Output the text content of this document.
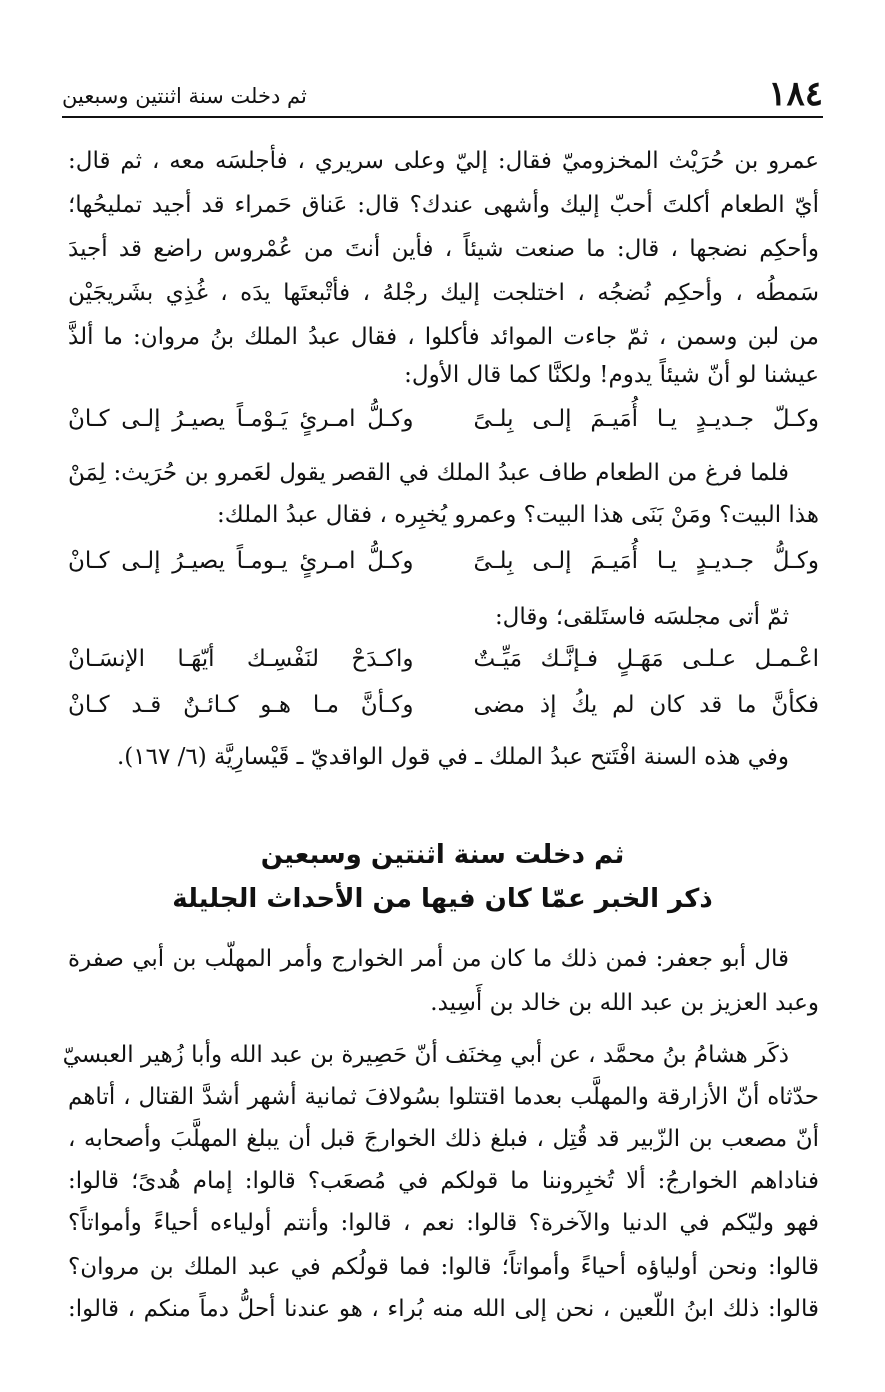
١٨٤
ثم دخلت سنة اثنتين وسبعين
عمرو بن حُرَيْث المخزوميّ فقال: إليّ وعلى سريري ، فأجلسَه معه ، ثم قال:
أيّ الطعام أكلتَ أحبّ إليك وأشهى عندك؟ قال: عَناق حَمراء قد أجيد تمليحُها؛
وأحكِم نضجها ، قال: ما صنعت شيئاً ، فأين أنتَ من عُمْروس راضع قد أجيدَ
سَمطُه ، وأحكِم نُضجُه ، اختلجت إليك رجْلهُ ، فأتْبعتَها يدَه ، غُذِي بشَريجَيْن
من لبن وسمن ، ثمّ جاءت الموائد فأكلوا ، فقال عبدُ الملك بنُ مروان: ما ألذَّ
عيشنا لو أنّ شيئاً يدوم! ولكنَّا كما قال الأول:
وكـلّ جـديـدٍ يـا أُمَيـمَ إلـى بِلـىً
وكـلُّ امـرئٍ يَـوْمـاً يصيـرُ إلـى كـانْ
فلما فرغ من الطعام طاف عبدُ الملك في القصر يقول لعَمرو بن حُرَيث: لِمَنْ
هذا البيت؟ ومَنْ بَنَى هذا البيت؟ وعمرو يُخبِره ، فقال عبدُ الملك:
وكـلُّ جـديـدٍ يـا أُمَيـمَ إلـى بِلـىً
وكـلُّ امـرئٍ يـومـاً يصيـرُ إلـى كـانْ
ثمّ أتى مجلسَه فاستَلقى؛ وقال:
اعْـمـل عـلـى مَهَـلٍ فـإنَّـك مَيِّـتٌ
واكـدَحْ لنَفْسِـك أيّهَـا الإنسَـانْ
فكأنَّ ما قد كان لم يكُ إذ مضى
وكـأنَّ مـا هـو كـائـنٌ قـد كـانْ
وفي هذه السنة افْتَتح عبدُ الملك ـ في قول الواقديّ ـ قَيْسارِيَّة (٦/ ١٦٧).
ثم دخلت سنة اثنتين وسبعين
ذكر الخبر عمّا كان فيها من الأحداث الجليلة
قال أبو جعفر: فمن ذلك ما كان من أمر الخوارج وأمر المهلّب بن أبي صفرة
وعبد العزيز بن عبد الله بن خالد بن أَسِيد.
ذكَر هشامُ بنُ محمَّد ، عن أبي مِخنَف أنّ حَصِيرة بن عبد الله وأبا زُهير العبسيّ
حدّثاه أنّ الأزارقة والمهلَّب بعدما اقتتلوا بسُولافَ ثمانية أشهر أشدَّ القتال ، أتاهم
أنّ مصعب بن الزّبير قد قُتِل ، فبلغ ذلك الخوارجَ قبل أن يبلغ المهلَّبَ وأصحابه ،
فناداهم الخوارجُ: ألا تُخبِروننا ما قولكم في مُصعَب؟ قالوا: إمام هُدىً؛ قالوا:
فهو وليّكم في الدنيا والآخرة؟ قالوا: نعم ، قالوا: وأنتم أولياءه أحياءً وأمواتاً؟
قالوا: ونحن أولياؤه أحياءً وأمواتاً؛ قالوا: فما قولُكم في عبد الملك بن مروان؟
قالوا: ذلك ابنُ اللّعين ، نحن إلى الله منه بُراء ، هو عندنا أحلُّ دماً منكم ، قالوا:
